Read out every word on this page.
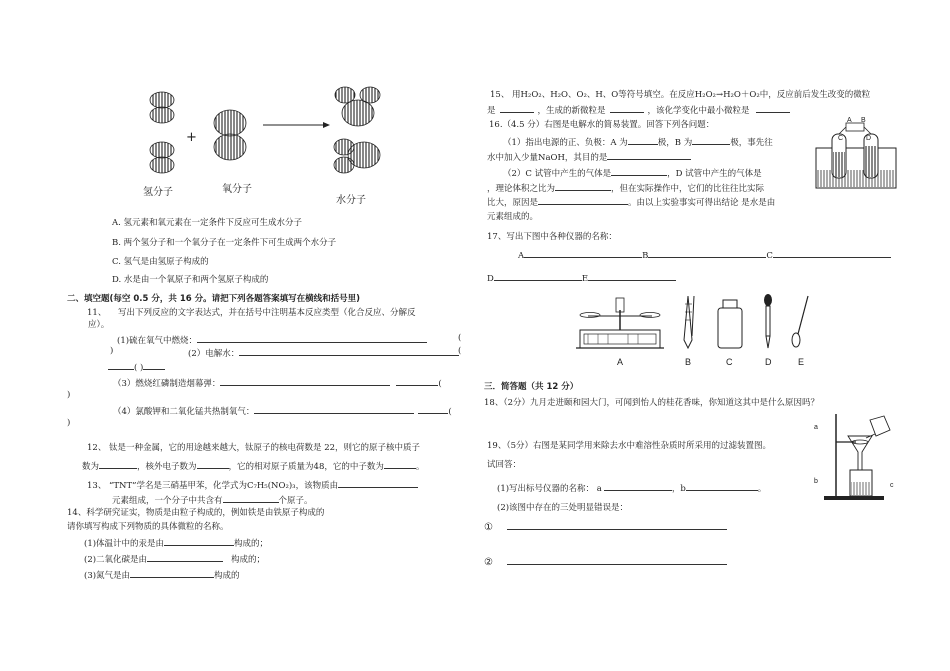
+
氢分子	氧分子
水分子
A. 氢元素和氧元素在一定条件下反应可生成水分子
B. 两个氢分子和一个氧分子在一定条件下可生成两个水分子
C. 氢气是由氢原子构成的
D. 水是由一个氧原子和两个氢原子构成的
二、填空题(每空 0.5 分，共 16 分。请把下列各题答案填写在横线和括号里)
11、 写出下列反应的文字表达式，并在括号中注明基本反应类型（化合反应、分解反
应）。
(1)硫在氧气中燃烧：	(
)	(2）电解水：	(
( )
（3）燃烧红磷制造烟幕弹：	(
)
（4）氯酸钾和二氧化锰共热制氧气：	(
)
12、 钛是一种金属，它的用途越来越大，钛原子的核电荷数是 22，则它的原子核中质子
数为	，核外电子数为	，它的相对原子质量为48，它的中子数为	。
13、 “TNT”学名是三硝基甲苯，化学式为C₇H₅(NO₂)₃，该物质由
元素组成，一个分子中共含有	个原子。
14、科学研究证实，物质是由粒子构成的，例如铁是由铁原子构成的
请你填写构成下列物质的具体微粒的名称。
(1)体温计中的汞是由	构成的；
(2)二氧化碳是由	构成的；
(3)氮气是由	构成的
15、 用H₂O₂、H₂O、O₂、H、O等符号填空。在反应H₂O₂→H₂O＋O₂中，反应前后发生改变的微粒
是	，生成的新微粒是	，该化学变化中最小微粒是
16.（4.5 分）右图是电解水的简易装置。回答下列各问题：
（1）指出电源的正、负极：A 为	极，B 为	极，事先往
水中加入少量NaOH，其目的是
（2）C 试管中产生的气体是	，D 试管中产生的气体是
，理论体积之比为	，但在实际操作中，它们的比往往比实际
比大，原因是	。由以上实验事实可得出结论 是水是由
元素组成的。
A B
C	D
17、写出下图中各种仪器的名称：
A	B	C
D	E
A	B	C	D	E
三．简答题（共 12 分）
18、（2分）九月走进颐和园大门，可闻到怡人的桂花香味，你知道这其中是什么原因吗？
19、（5分）右图是某同学用来除去水中难溶性杂质时所采用的过滤装置图。
试回答：
(1)写出标号仪器的名称： a	，b	。
(2)该图中存在的三处明显错误是：
①
②
a
b
c
